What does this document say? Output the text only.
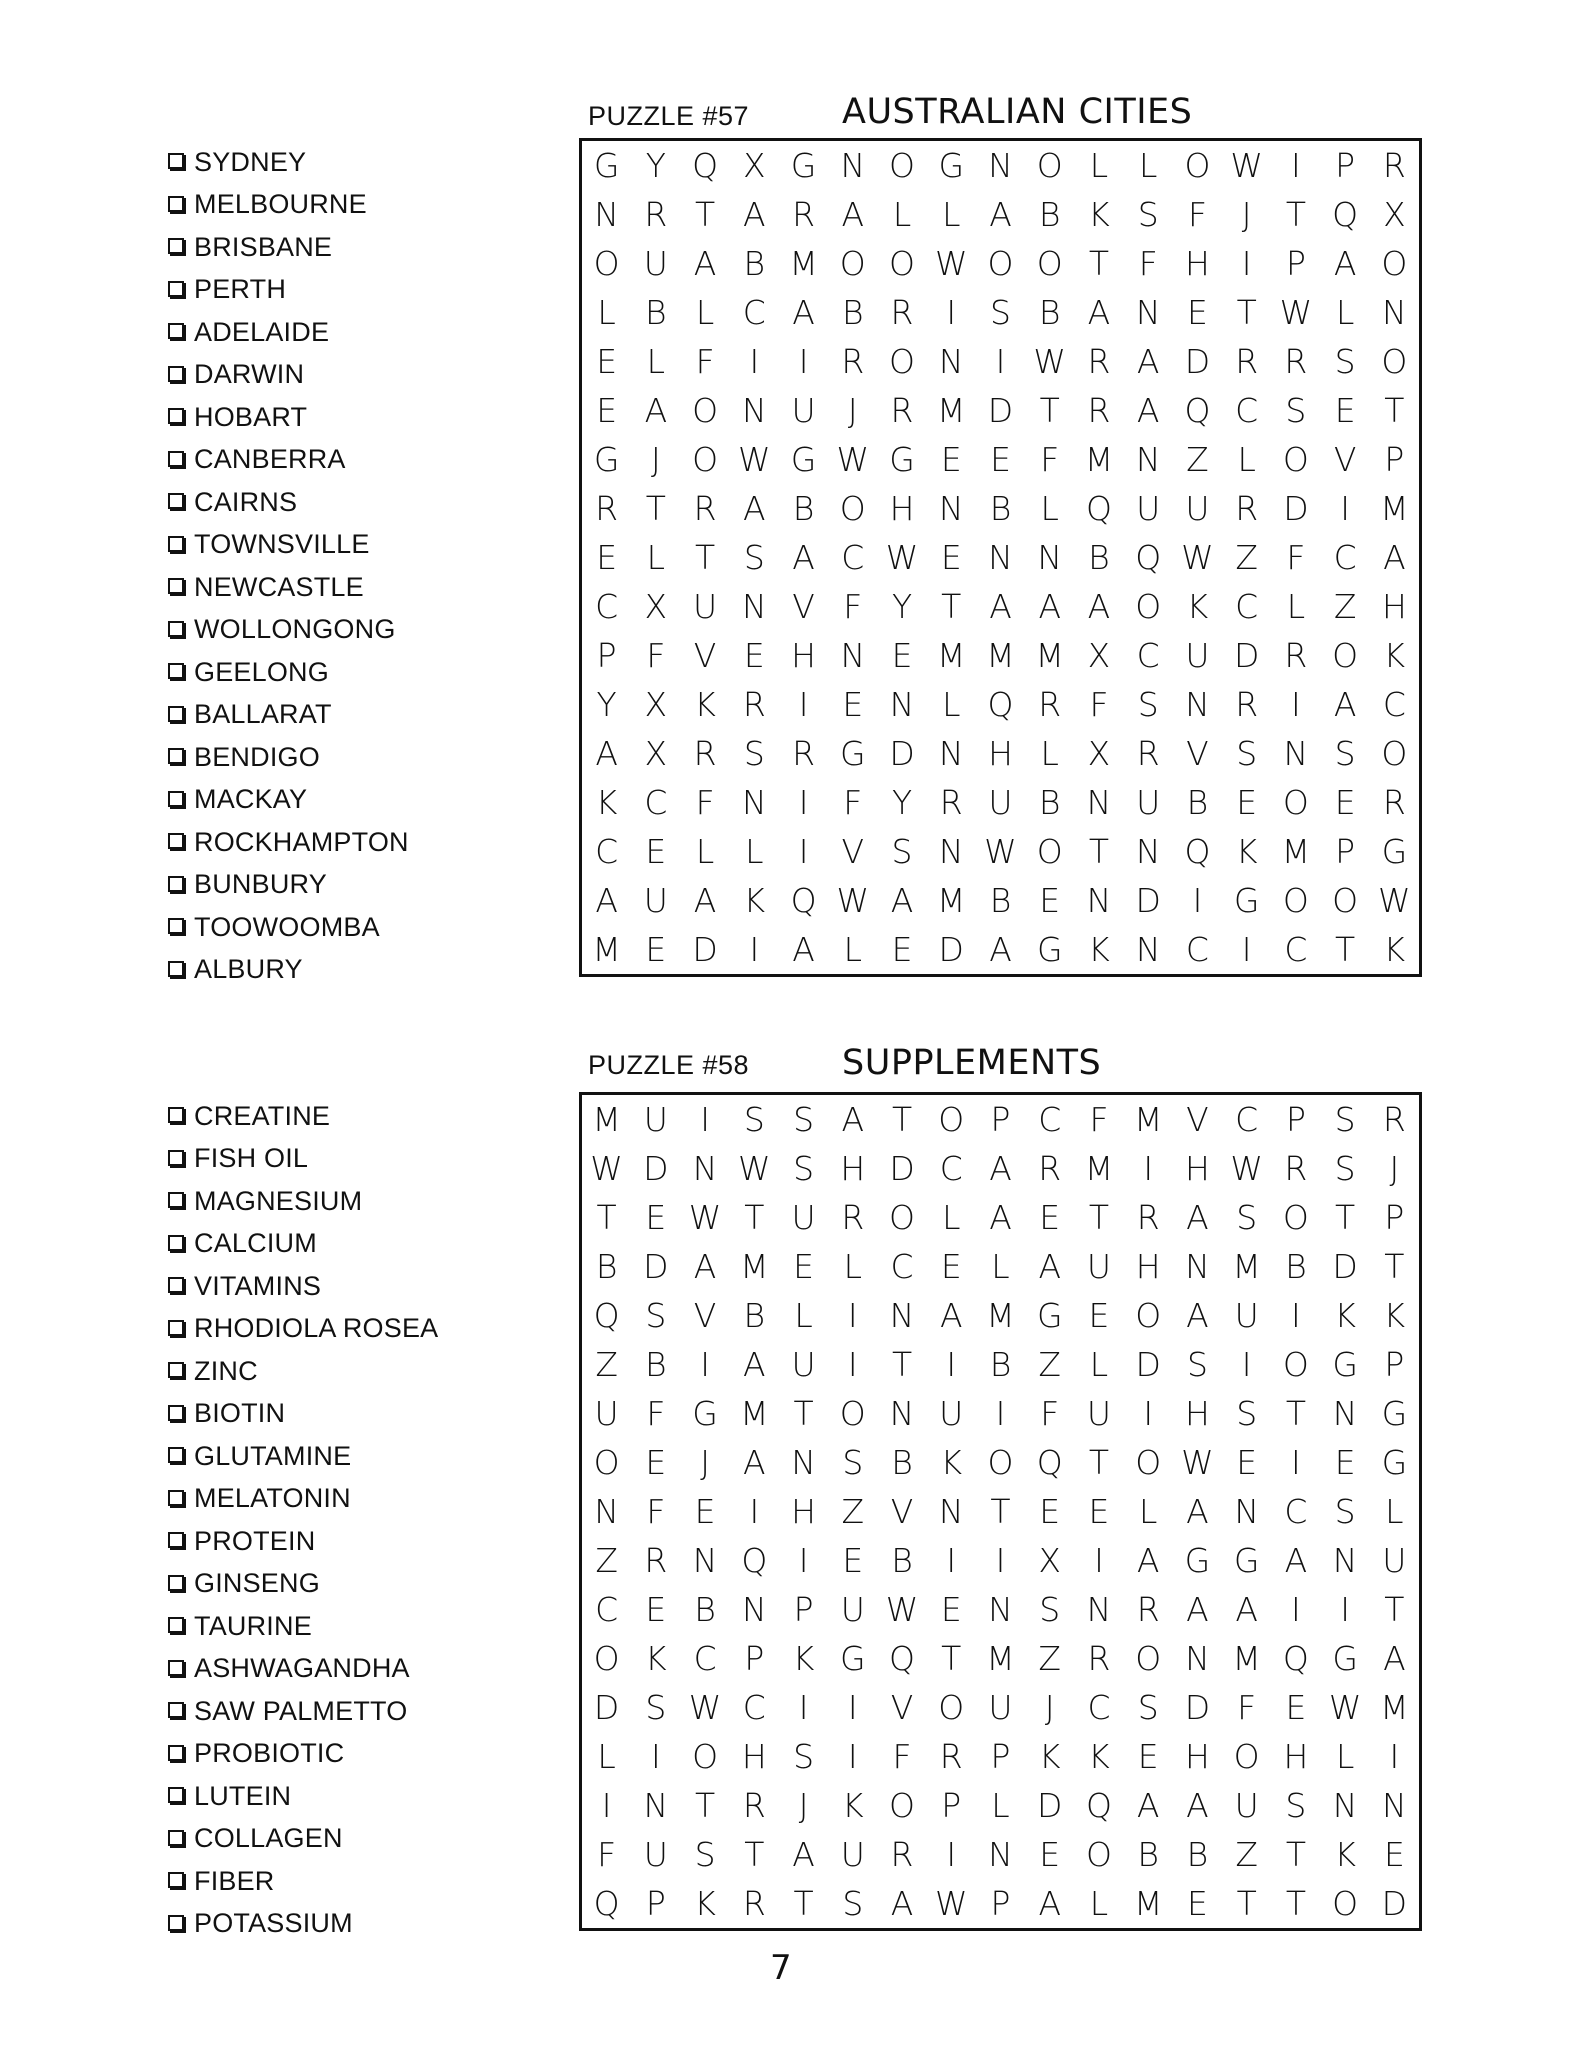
PUZZLE #57	AUSTRALIAN CITIES
SYDNEY
MELBOURNE
BRISBANE
PERTH
ADELAIDE
DARWIN
HOBART
CANBERRA
CAIRNS
TOWNSVILLE
NEWCASTLE
WOLLONGONG
GEELONG
BALLARAT
BENDIGO
MACKAY
ROCKHAMPTON
BUNBURY
TOOWOOMBA
ALBURY
G Y Q X G N O G N O L L O W I	P R
N R T A R A L L A B K S F	J	T Q X
O U A B M O O W O O T F H I	P A O
L B L C A B R I	S B A N E T W L N
E L F	I	I R O N I W R A D R R S O
E A O N U J R M D T R A Q C S E T
G J O W G W G E E F M N Z L O V P
R T R A B O H N B L Q U U R D I M
E L T S A C W E N N B Q W Z F C A
C X U N V F Y T A A A O K C L Z H
P F V E H N E M M M X C U D R O K
Y X K R I	E N L Q R F S N R I	A C
A X R S R G D N H L X R V S N S O
K C F N I	F Y R U B N U B E O E R
C E L L	I	V S N W O T N Q K M P G
A U A K Q W A M B E N D I G O O W
M E D I	A L E D A G K N C I C T K
PUZZLE #58	SUPPLEMENTS
CREATINE
FISH OIL
MAGNESIUM
CALCIUM
VITAMINS
RHODIOLA ROSEA
ZINC
BIOTIN
GLUTAMINE
MELATONIN
PROTEIN
GINSENG
TAURINE
ASHWAGANDHA
SAW PALMETTO
PROBIOTIC
LUTEIN
COLLAGEN
FIBER
POTASSIUM
M U I	S S A T O P C F M V C P S R
W D N W S H D C A R M I H W R S	J
T E W T U R O L A E T R A S O T P
B D A M E L C E L A U H N M B D T
Q S V B L	I N A M G E O A U I	K K
Z B	I	A U I	T	I	B Z L D S	I O G P
U F G M T O N U I	F U I H S T N G
O E	J	A N S B K O Q T O W E	I	E G
N F E	I H Z V N T E E L A N C S L
Z R N Q I	E B	I	I	X	I	A G G A N U
C E B N P U W E N S N R A A	I	I	T
O K C P K G Q T M Z R O N M Q G A
D S W C I	I	V O U J C S D F E W M
L	I O H S	I	F R P K K E H O H L	I
I N T R J	K O P L D Q A A U S N N
F U S T A U R I N E O B B Z T K E
Q P K R T S A W P A L M E T T O D
7
